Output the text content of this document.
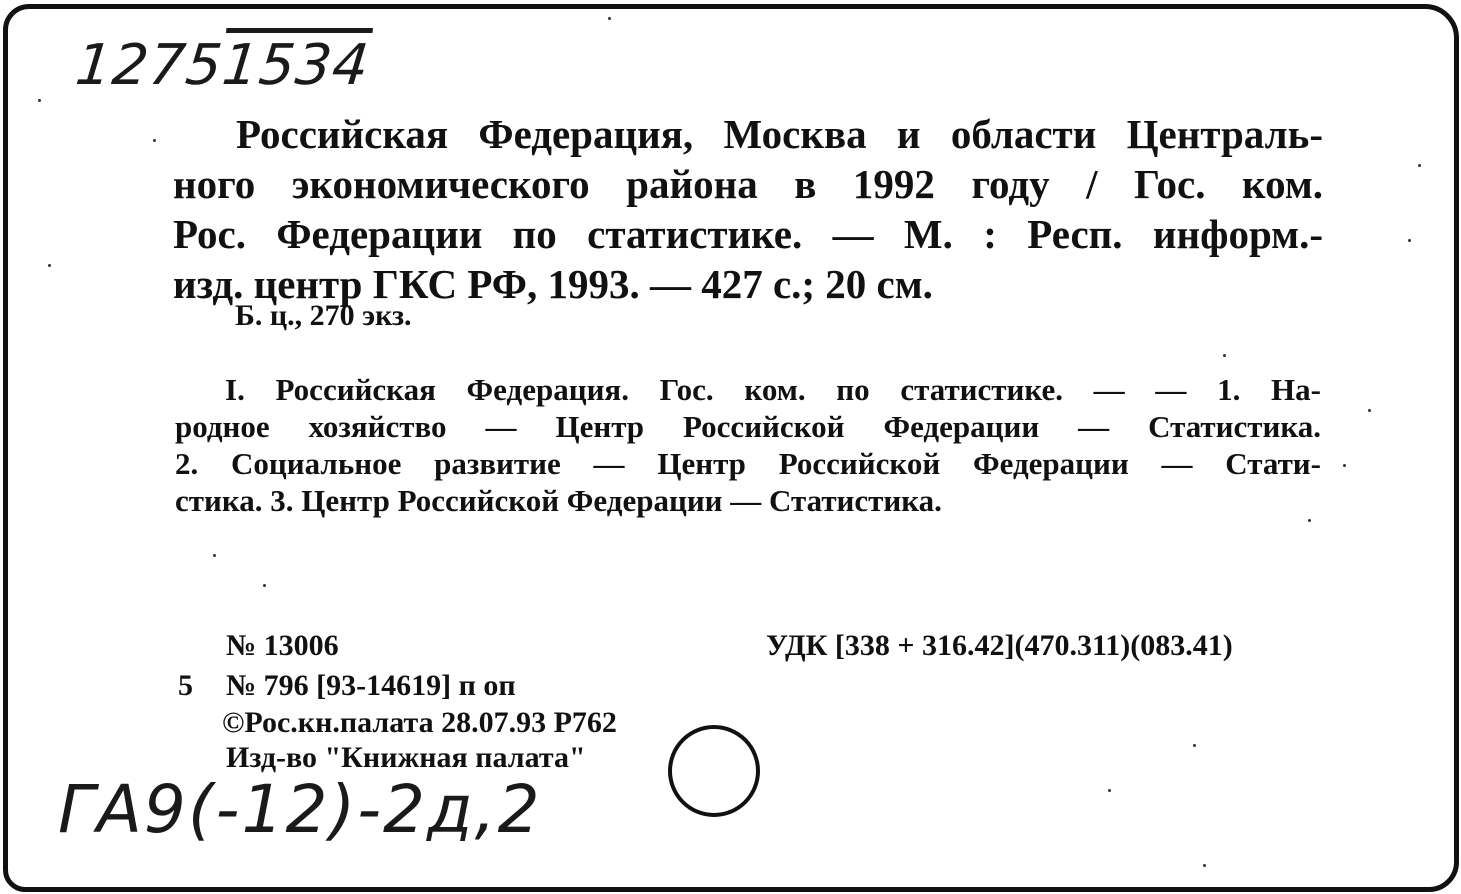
12751534
Российская Федерация, Москва и области Централь-
ного экономического района в 1992 году / Гос. ком.
Рос. Федерации по статистике. — М. : Респ. информ.-
изд. центр ГКС РФ, 1993. — 427 с.; 20 см.
Б. ц., 270 экз.
I. Российская Федерация. Гос. ком. по статистике. — — 1. На-
родное хозяйство — Центр Российской Федерации — Статистика.
2. Социальное развитие — Центр Российской Федерации — Стати-
стика. 3. Центр Российской Федерации — Статистика.
№ 13006
5 № 796 [93-14619] п оп
©Рос.кн.палата 28.07.93 Р762
Изд-во "Книжная палата"
УДК [338 + 316.42](470.311)(083.41)
ГА9(-12)-2д,2
